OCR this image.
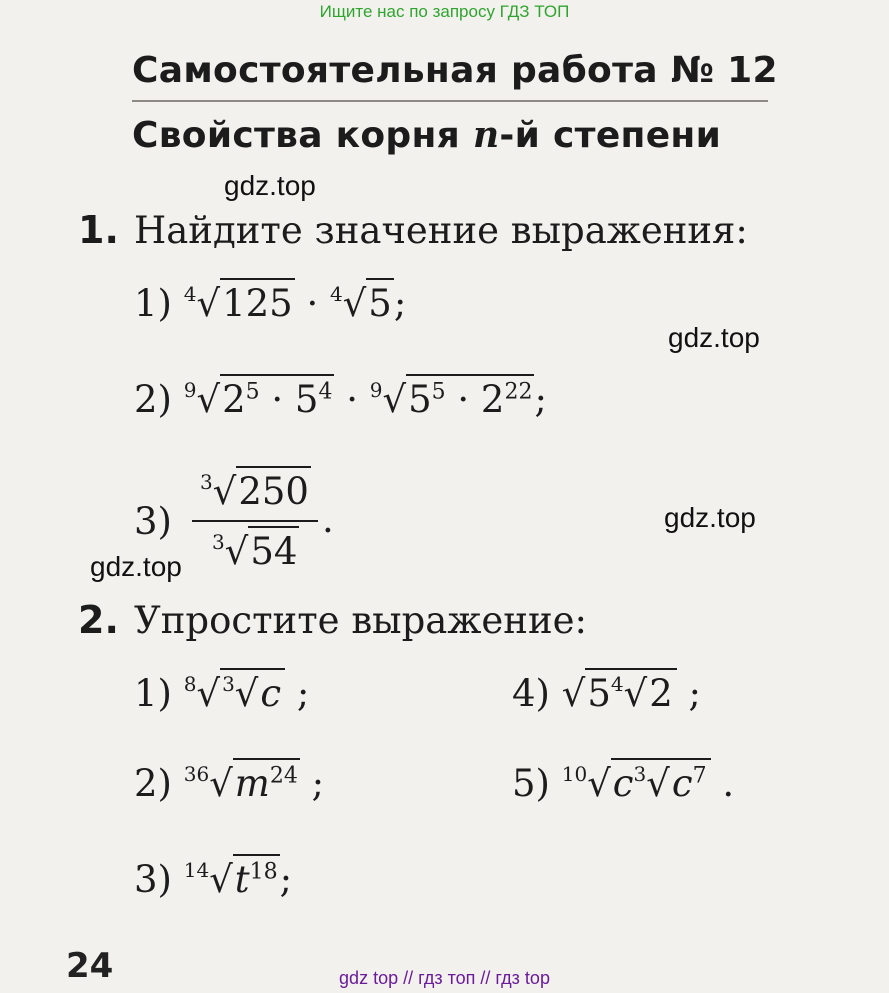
Ищите нас по запросу ГДЗ ТОП
Самостоятельная работа № 12
Свойства корня n-й степени
gdz.top
gdz.top
gdz.top
gdz.top
1. Найдите значение выражения:
1) $^4$√125 · $^4$√5;
2) $^9√2^5 \cdot 5^4 \cdot ^9√5^5 \cdot 2^{22}$;
3)
$^3$√250
$^3$√54
.
2. Упростите выражение:
1) $^8$√ $^3$√c ;	4) $√5^4√2$ ;
2) $^{36}√m^{24}$ ;	5) $^{10}√c^3√c^7$ .
3) $^{14}√t^{18}$;
24	gdz top // гдз топ // гдз top
